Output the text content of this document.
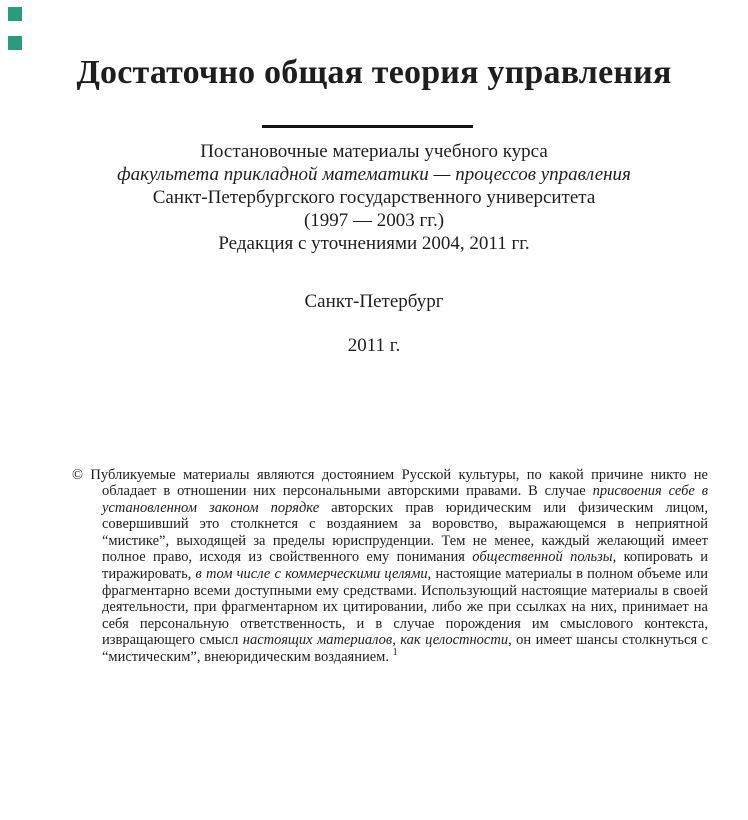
Достаточно общая теория управления
Постановочные материалы учебного курса
факультета прикладной математики — процессов управления
Санкт-Петербургского государственного университета
(1997 — 2003 гг.)
Редакция с уточнениями 2004, 2011 гг.
Санкт-Петербург
2011 г.

© Публикуемые материалы являются достоянием Русской культуры, по какой причине никто не обладает в отношении них персональными авторскими правами. В случае присвоения себе в установленном законом порядке авторских прав юридическим или физическим лицом, совершивший это столкнется с воздаянием за воровство, выражающемся в неприятной “мистике”, выходящей за пределы юриспруденции. Тем не менее, каждый желающий имеет полное право, исходя из свойственного ему понимания общественной пользы, копировать и тиражировать, в том числе с коммерческими целями, настоящие материалы в полном объеме или фрагментарно всеми доступными ему средствами. Использующий настоящие материалы в своей деятельности, при фрагментарном их цитировании, либо же при ссылках на них, принимает на себя персональную ответственность, и в случае порождения им смыслового контекста, извращающего смысл настоящих материалов, как целостности, он имеет шансы столкнуться с “мистическим”, внеюридическим воздаянием. $^1$
